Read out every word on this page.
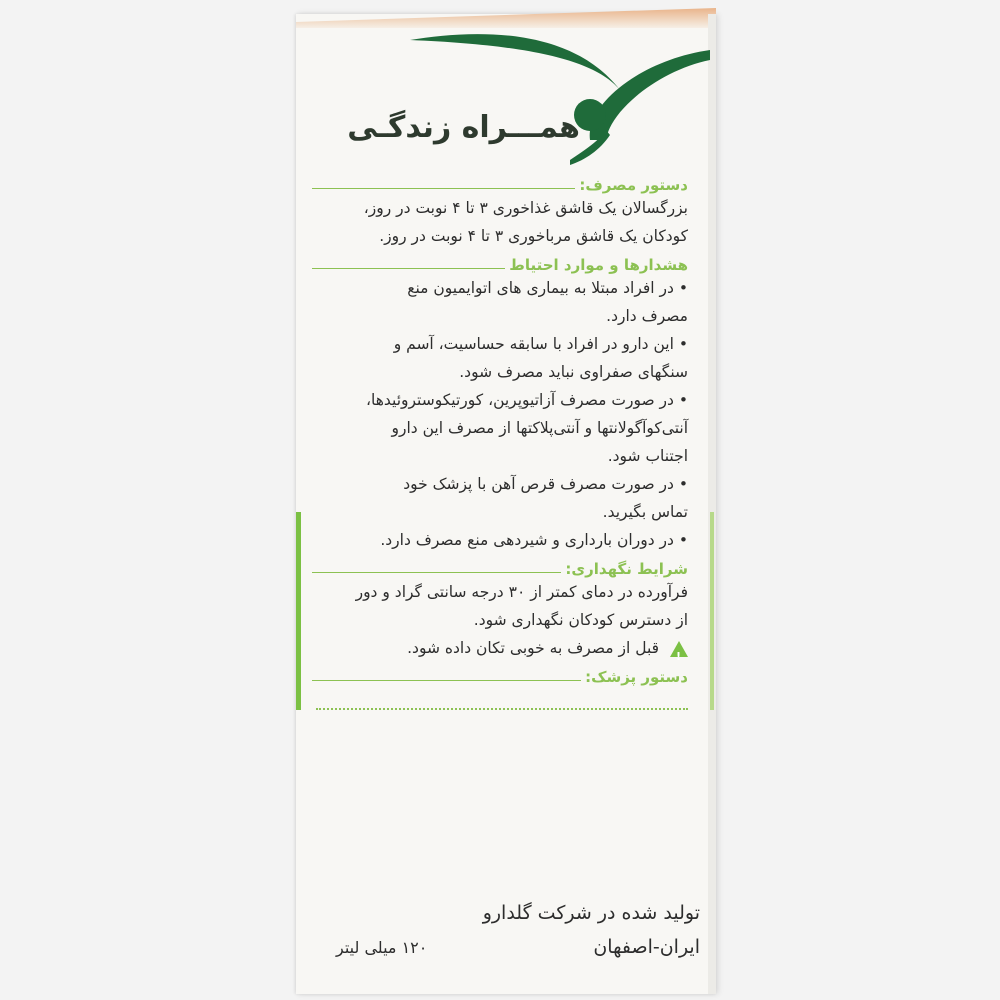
همـــراه زندگـی
دستور مصرف:
بزرگسالان یک قاشق غذاخوری ۳ تا ۴ نوبت در روز،
کودکان یک قاشق مرباخوری ۳ تا ۴ نوبت در روز.
هشدارها و موارد احتیاط
• در افراد مبتلا به بیماری های اتوایمیون منع
مصرف دارد.
• این دارو در افراد با سابقه حساسیت، آسم و
سنگهای صفراوی نباید مصرف شود.
• در صورت مصرف آزاتیوپرین، کورتیکوستروئیدها،
آنتی‌کوآگولانتها و آنتی‌پلاکتها از مصرف این دارو
اجتناب شود.
• در صورت مصرف قرص آهن با پزشک خود
تماس بگیرید.
• در دوران بارداری و شیردهی منع مصرف دارد.
شرایط نگهداری:
فرآورده در دمای کمتر از ۳۰ درجه سانتی گراد و دور
از دسترس کودکان نگهداری شود.
! قبل از مصرف به خوبی تکان داده شود.
دستور پزشک:
تولید شده در شرکت گلدارو
ایران-اصفهان
۱۲۰ میلی لیتر
